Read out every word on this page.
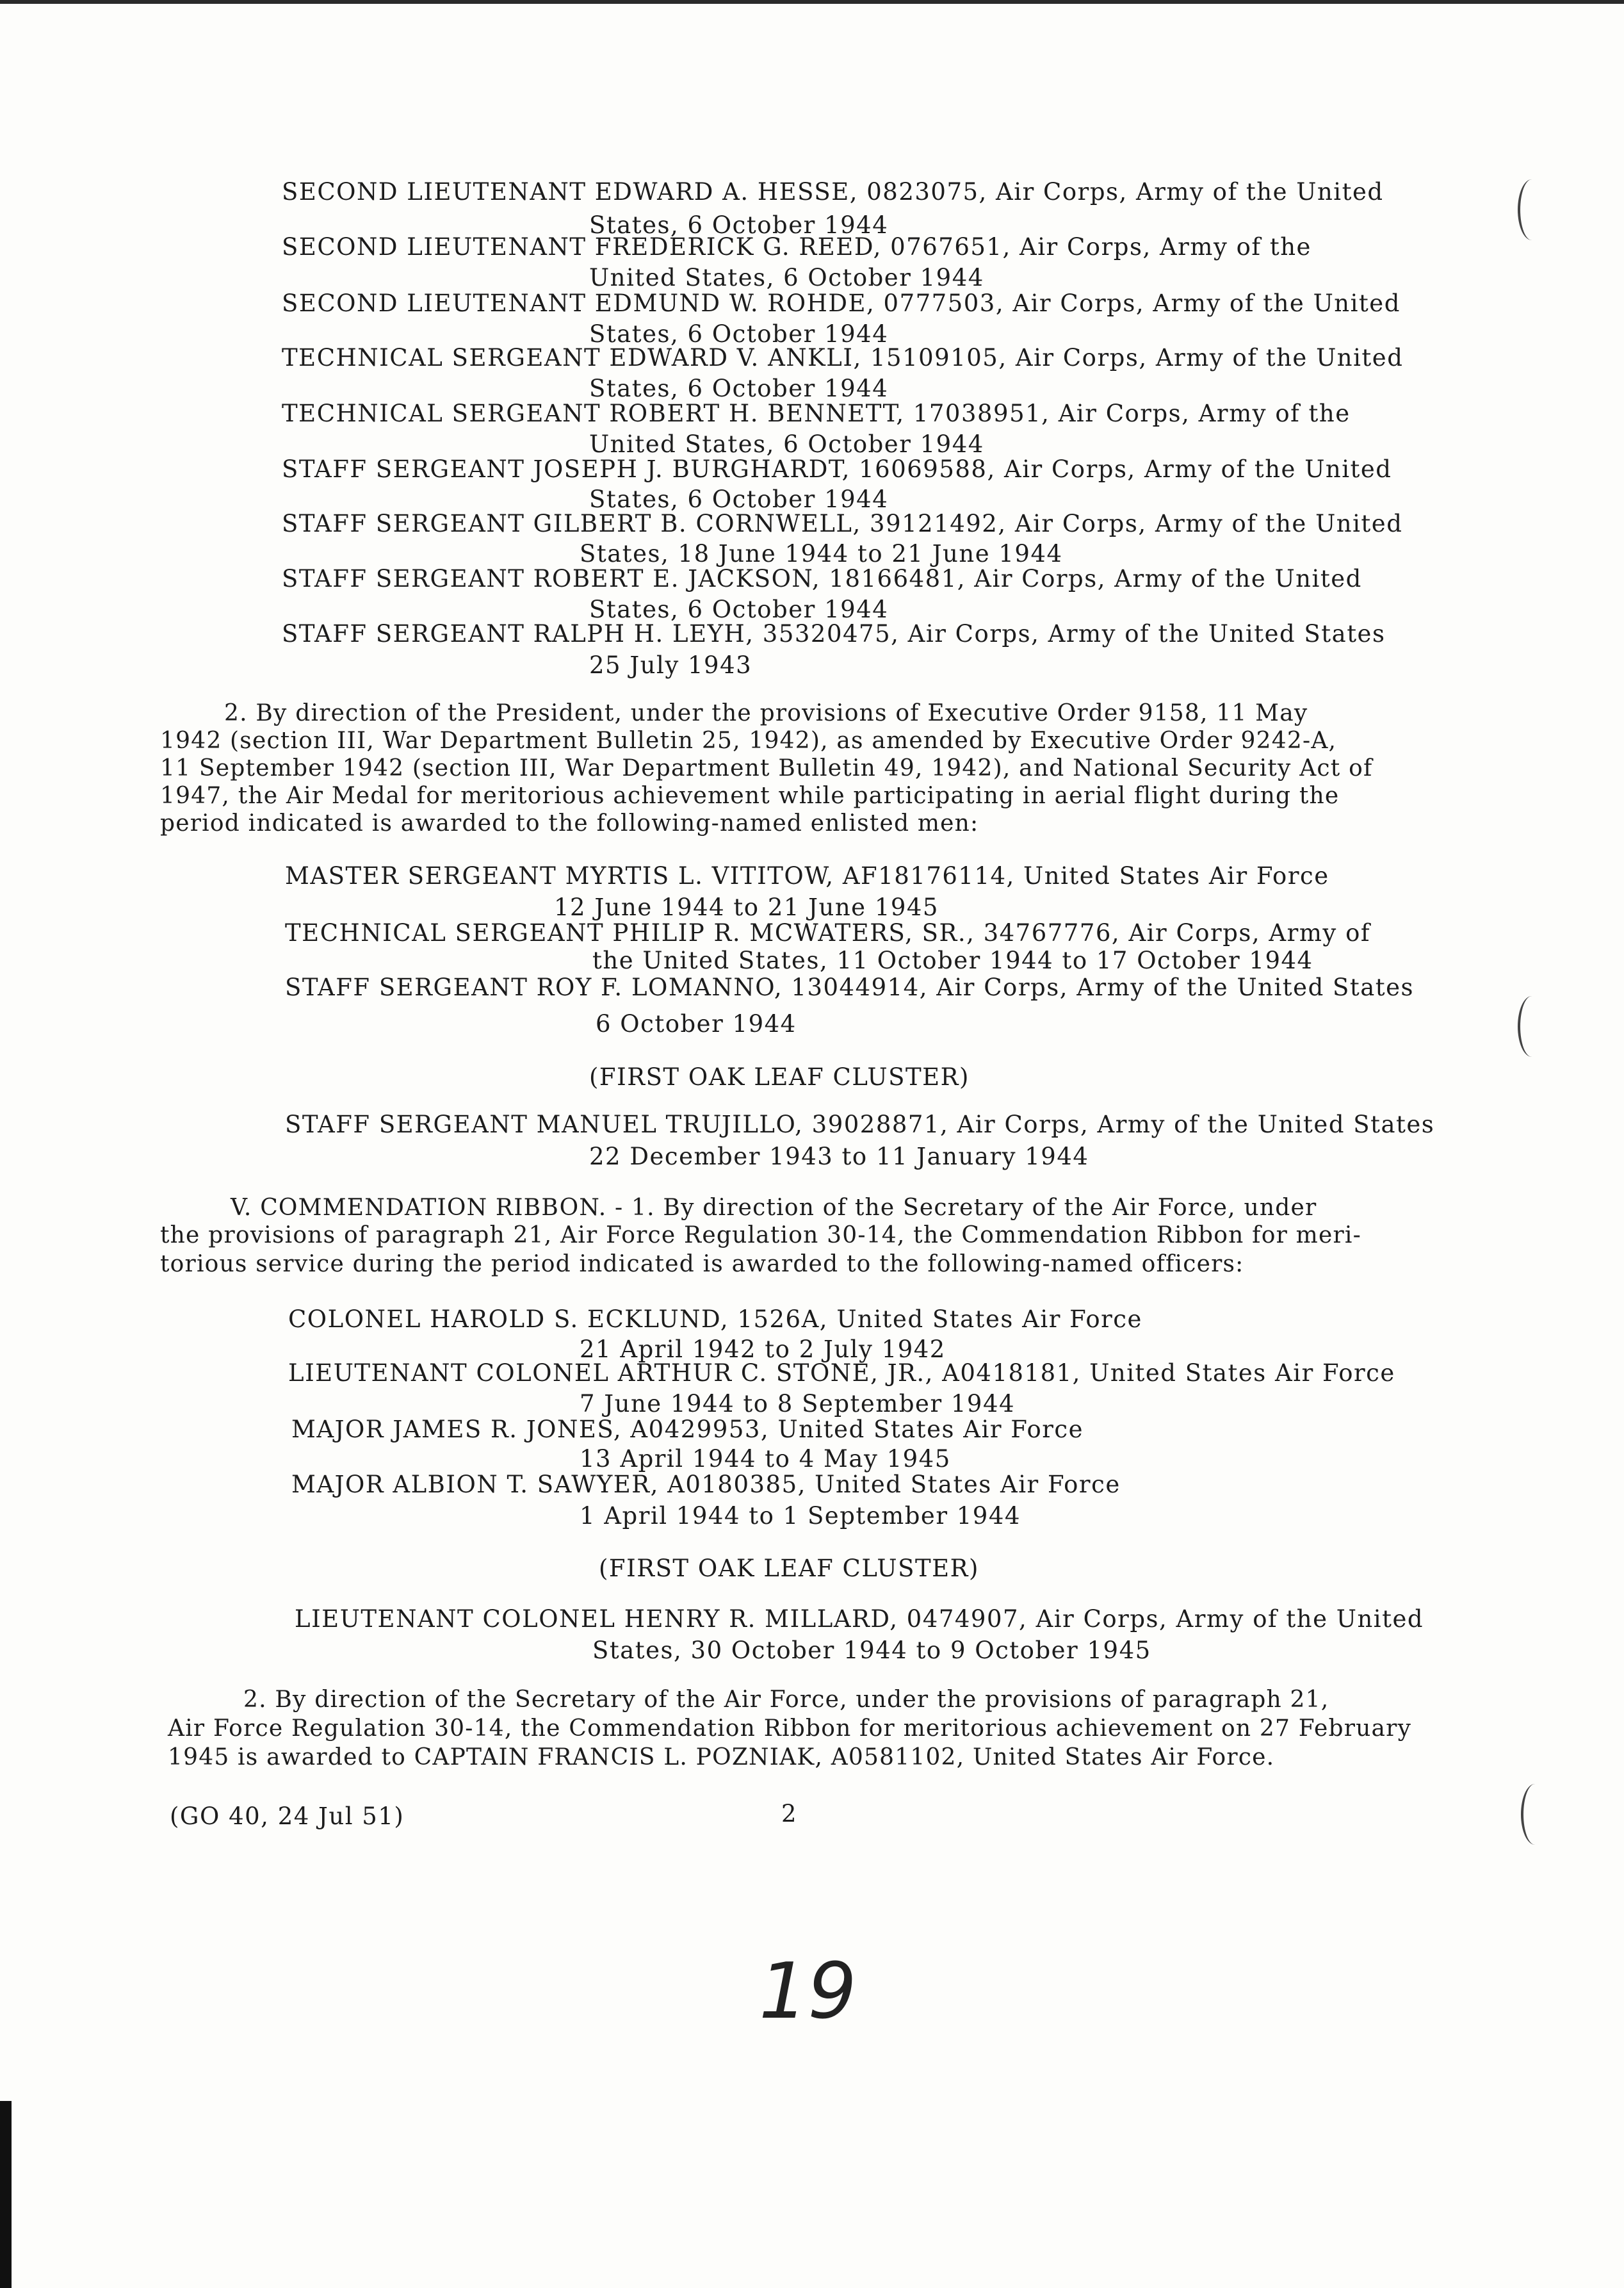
SECOND LIEUTENANT EDWARD A. HESSE, 0823075, Air Corps, Army of the United
States, 6 October 1944
SECOND LIEUTENANT FREDERICK G. REED, 0767651, Air Corps, Army of the
United States, 6 October 1944
SECOND LIEUTENANT EDMUND W. ROHDE, 0777503, Air Corps, Army of the United
States, 6 October 1944
TECHNICAL SERGEANT EDWARD V. ANKLI, 15109105, Air Corps, Army of the United
States, 6 October 1944
TECHNICAL SERGEANT ROBERT H. BENNETT, 17038951, Air Corps, Army of the
United States, 6 October 1944
STAFF SERGEANT JOSEPH J. BURGHARDT, 16069588, Air Corps, Army of the United
States, 6 October 1944
STAFF SERGEANT GILBERT B. CORNWELL, 39121492, Air Corps, Army of the United
States, 18 June 1944 to 21 June 1944
STAFF SERGEANT ROBERT E. JACKSON, 18166481, Air Corps, Army of the United
States, 6 October 1944
STAFF SERGEANT RALPH H. LEYH, 35320475, Air Corps, Army of the United States
25 July 1943
2. By direction of the President, under the provisions of Executive Order 9158, 11 May
1942 (section III, War Department Bulletin 25, 1942), as amended by Executive Order 9242-A,
11 September 1942 (section III, War Department Bulletin 49, 1942), and National Security Act of
1947, the Air Medal for meritorious achievement while participating in aerial flight during the
period indicated is awarded to the following-named enlisted men:
MASTER SERGEANT MYRTIS L. VITITOW, AF18176114, United States Air Force
12 June 1944 to 21 June 1945
TECHNICAL SERGEANT PHILIP R. MCWATERS, SR., 34767776, Air Corps, Army of
the United States, 11 October 1944 to 17 October 1944
STAFF SERGEANT ROY F. LOMANNO, 13044914, Air Corps, Army of the United States
6 October 1944
(FIRST OAK LEAF CLUSTER)
STAFF SERGEANT MANUEL TRUJILLO, 39028871, Air Corps, Army of the United States
22 December 1943 to 11 January 1944
V. COMMENDATION RIBBON. - 1. By direction of the Secretary of the Air Force, under
the provisions of paragraph 21, Air Force Regulation 30-14, the Commendation Ribbon for meri-
torious service during the period indicated is awarded to the following-named officers:
COLONEL HAROLD S. ECKLUND, 1526A, United States Air Force
21 April 1942 to 2 July 1942
LIEUTENANT COLONEL ARTHUR C. STONE, JR., A0418181, United States Air Force
7 June 1944 to 8 September 1944
MAJOR JAMES R. JONES, A0429953, United States Air Force
13 April 1944 to 4 May 1945
MAJOR ALBION T. SAWYER, A0180385, United States Air Force
1 April 1944 to 1 September 1944
(FIRST OAK LEAF CLUSTER)
LIEUTENANT COLONEL HENRY R. MILLARD, 0474907, Air Corps, Army of the United
States, 30 October 1944 to 9 October 1945
2. By direction of the Secretary of the Air Force, under the provisions of paragraph 21,
Air Force Regulation 30-14, the Commendation Ribbon for meritorious achievement on 27 February
1945 is awarded to CAPTAIN FRANCIS L. POZNIAK, A0581102, United States Air Force.
(GO 40, 24 Jul 51)	2
19
